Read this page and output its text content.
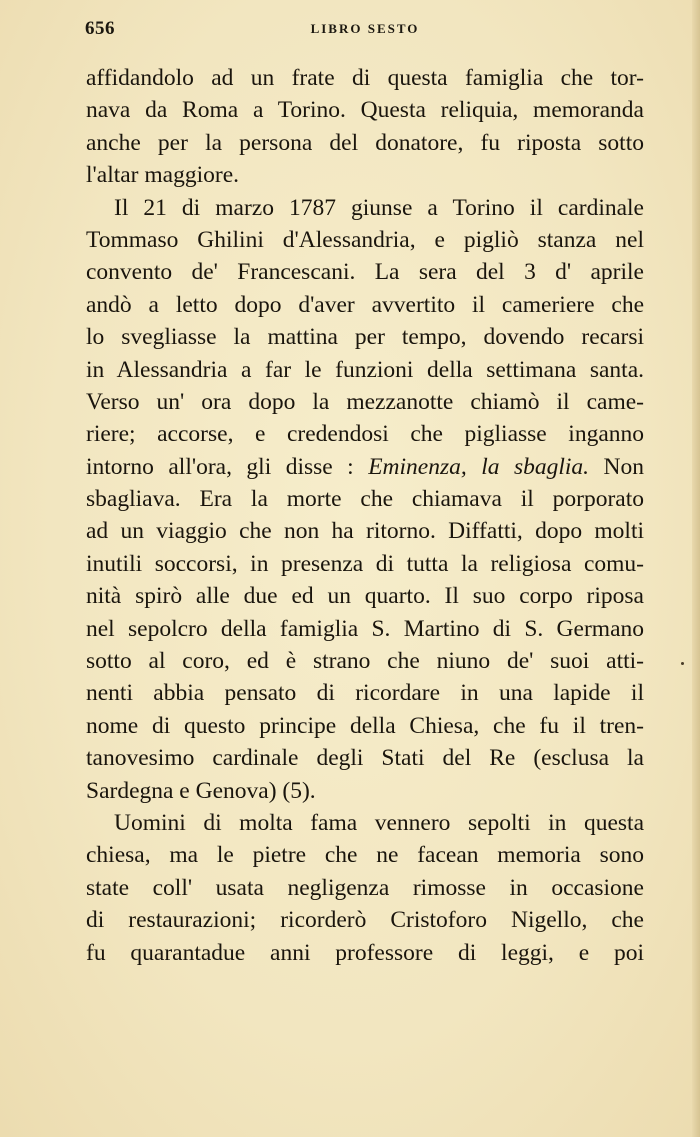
656	LIBRO SESTO
affidandolo ad un frate di questa famiglia che tor-
nava da Roma a Torino. Questa reliquia, memoranda
anche per la persona del donatore, fu riposta sotto
l'altar maggiore.
Il 21 di marzo 1787 giunse a Torino il cardinale
Tommaso Ghilini d'Alessandria, e pigliò stanza nel
convento de' Francescani. La sera del 3 d' aprile
andò a letto dopo d'aver avvertito il cameriere che
lo svegliasse la mattina per tempo, dovendo recarsi
in Alessandria a far le funzioni della settimana santa.
Verso un' ora dopo la mezzanotte chiamò il came-
riere; accorse, e credendosi che pigliasse inganno
intorno all'ora, gli disse : Eminenza, la sbaglia. Non
sbagliava. Era la morte che chiamava il porporato
ad un viaggio che non ha ritorno. Diffatti, dopo molti
inutili soccorsi, in presenza di tutta la religiosa comu-
nità spirò alle due ed un quarto. Il suo corpo riposa
nel sepolcro della famiglia S. Martino di S. Germano
sotto al coro, ed è strano che niuno de' suoi atti-
nenti abbia pensato di ricordare in una lapide il
nome di questo principe della Chiesa, che fu il tren-
tanovesimo cardinale degli Stati del Re (esclusa la
Sardegna e Genova) (5).
Uomini di molta fama vennero sepolti in questa
chiesa, ma le pietre che ne facean memoria sono
state coll' usata negligenza rimosse in occasione
di restaurazioni; ricorderò Cristoforo Nigello, che
fu quarantadue anni professore di leggi, e poi
